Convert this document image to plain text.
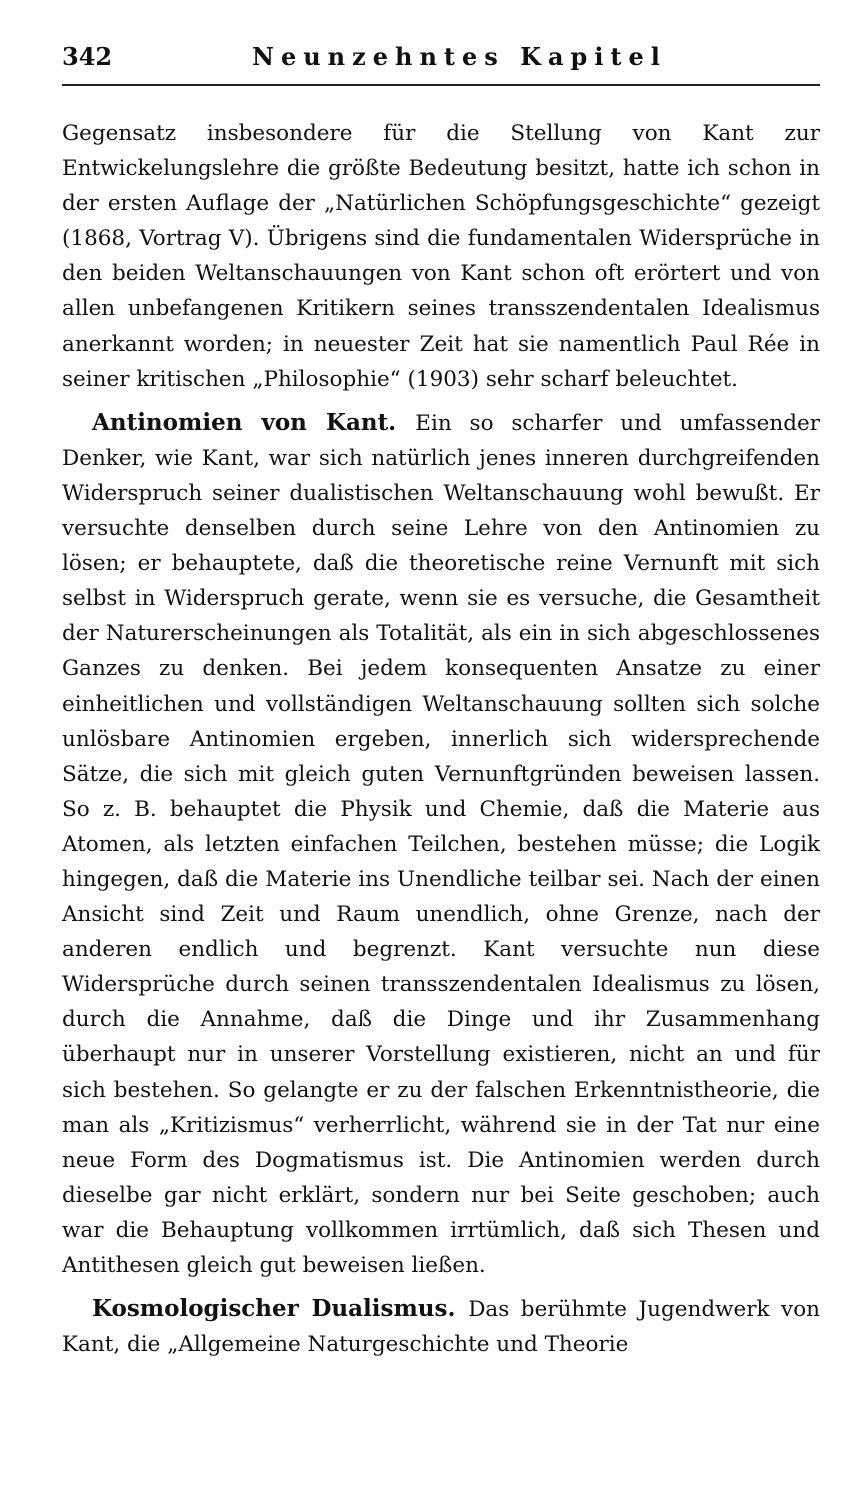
342	Neunzehntes Kapitel

Gegensatz insbesondere für die Stellung von Kant zur Entwickelungslehre die größte Bedeutung besitzt, hatte ich schon in der ersten Auflage der „Natürlichen Schöpfungsgeschichte“ gezeigt (1868, Vortrag V). Übrigens sind die fundamentalen Widersprüche in den beiden Weltanschauungen von Kant schon oft erörtert und von allen unbefangenen Kritikern seines transszendentalen Idealismus anerkannt worden; in neuester Zeit hat sie namentlich Paul Rée in seiner kritischen „Philosophie“ (1903) sehr scharf beleuchtet.

Antinomien von Kant. Ein so scharfer und umfassender Denker, wie Kant, war sich natürlich jenes inneren durchgreifenden Widerspruch seiner dualistischen Weltanschauung wohl bewußt. Er versuchte denselben durch seine Lehre von den Antinomien zu lösen; er behauptete, daß die theoretische reine Vernunft mit sich selbst in Widerspruch gerate, wenn sie es versuche, die Gesamtheit der Naturerscheinungen als Totalität, als ein in sich abgeschlossenes Ganzes zu denken. Bei jedem konsequenten Ansatze zu einer einheitlichen und vollständigen Weltanschauung sollten sich solche unlösbare Antinomien ergeben, innerlich sich widersprechende Sätze, die sich mit gleich guten Vernunftgründen beweisen lassen. So z. B. behauptet die Physik und Chemie, daß die Materie aus Atomen, als letzten einfachen Teilchen, bestehen müsse; die Logik hingegen, daß die Materie ins Unendliche teilbar sei. Nach der einen Ansicht sind Zeit und Raum unendlich, ohne Grenze, nach der anderen endlich und begrenzt. Kant versuchte nun diese Widersprüche durch seinen transszendentalen Idealismus zu lösen, durch die Annahme, daß die Dinge und ihr Zusammenhang überhaupt nur in unserer Vorstellung existieren, nicht an und für sich bestehen. So gelangte er zu der falschen Erkenntnistheorie, die man als „Kritizismus“ verherrlicht, während sie in der Tat nur eine neue Form des Dogmatismus ist. Die Antinomien werden durch dieselbe gar nicht erklärt, sondern nur bei Seite geschoben; auch war die Behauptung vollkommen irrtümlich, daß sich Thesen und Antithesen gleich gut beweisen ließen.

Kosmologischer Dualismus. Das berühmte Jugendwerk von Kant, die „Allgemeine Naturgeschichte und Theorie
